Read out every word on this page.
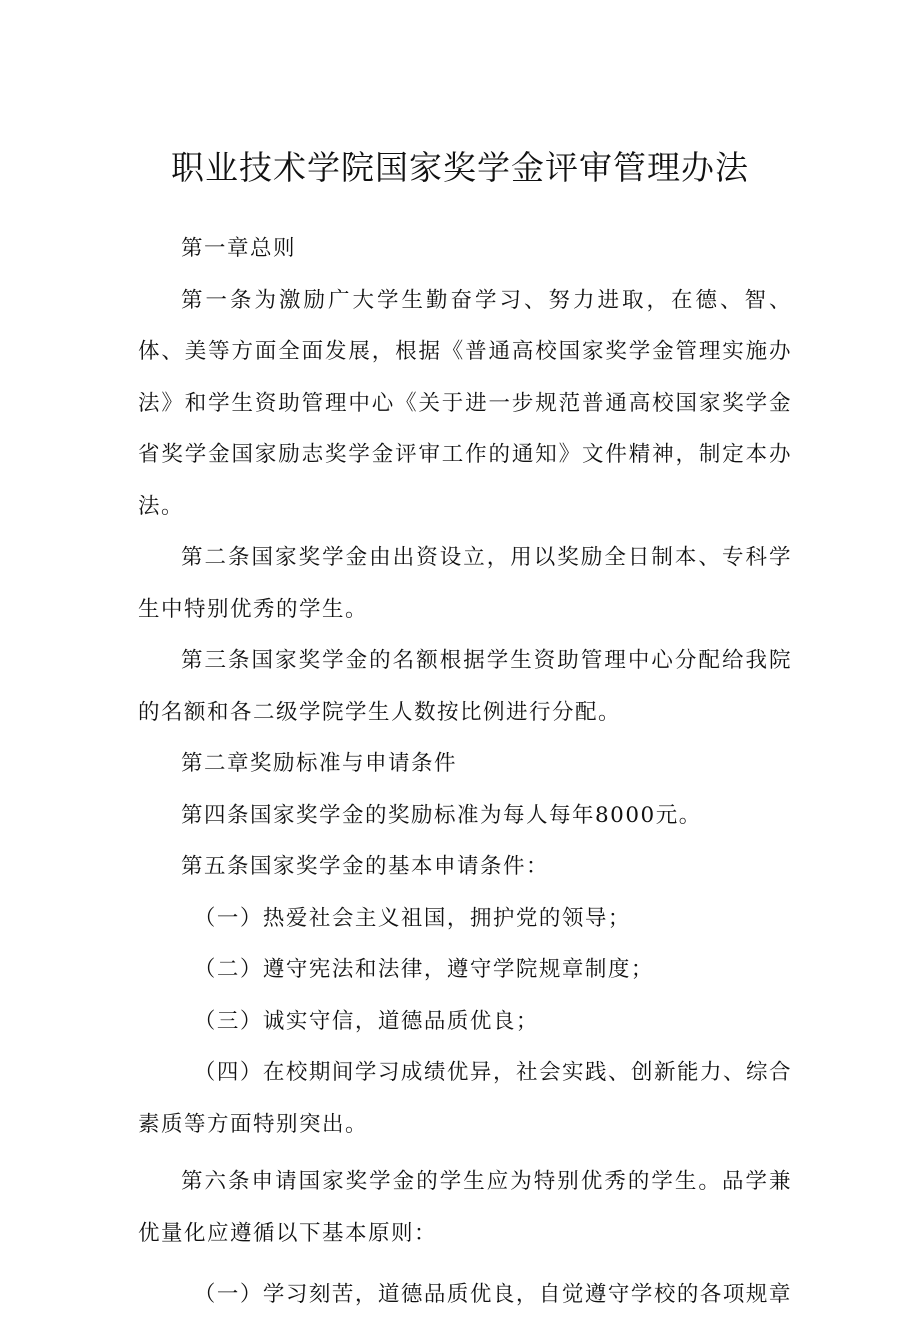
职业技术学院国家奖学金评审管理办法

第一章总则

第一条为激励广大学生勤奋学习、努力进取，在德、智、体、美等方面全面发展，根据《普通高校国家奖学金管理实施办法》和学生资助管理中心《关于进一步规范普通高校国家奖学金省奖学金国家励志奖学金评审工作的通知》文件精神，制定本办法。

第二条国家奖学金由出资设立，用以奖励全日制本、专科学生中特别优秀的学生。

第三条国家奖学金的名额根据学生资助管理中心分配给我院的名额和各二级学院学生人数按比例进行分配。

第二章奖励标准与申请条件

第四条国家奖学金的奖励标准为每人每年8000元。

第五条国家奖学金的基本申请条件：

（一）热爱社会主义祖国，拥护党的领导；

（二）遵守宪法和法律，遵守学院规章制度；

（三）诚实守信，道德品质优良；

（四）在校期间学习成绩优异，社会实践、创新能力、综合素质等方面特别突出。

第六条申请国家奖学金的学生应为特别优秀的学生。品学兼优量化应遵循以下基本原则：

（一）学习刻苦，道德品质优良，自觉遵守学校的各项规章
